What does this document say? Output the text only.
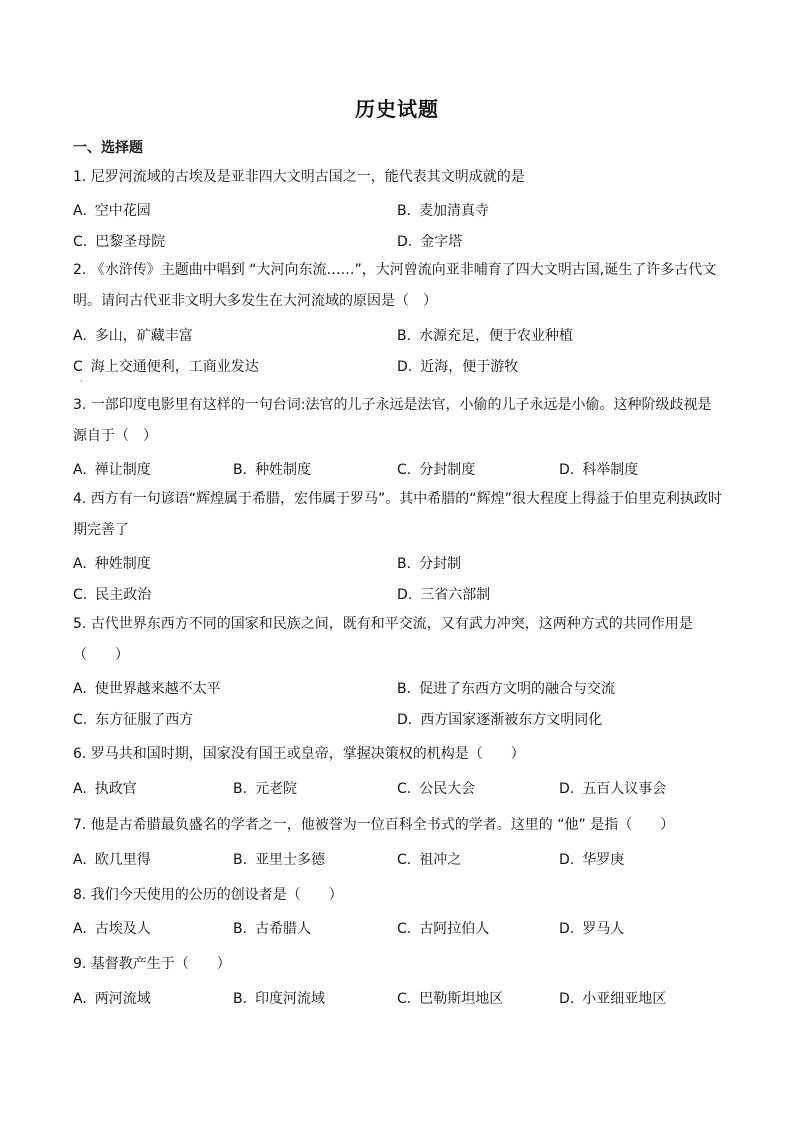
历史试题
一、选择题
1. 尼罗河流域的古埃及是亚非四大文明古国之一，能代表其文明成就的是
A. 空中花园	B. 麦加清真寺
C. 巴黎圣母院	D. 金字塔
2. 《水浒传》主题曲中唱到 “大河向东流……”，大河曾流向亚非哺育了四大文明古国,诞生了许多古代文明。请问古代亚非文明大多发生在大河流域的原因是（　）
A. 多山，矿藏丰富	B. 水源充足，便于农业种植
C 海上交通便利，工商业发达	D. 近海，便于游牧
·
3. 一部印度电影里有这样的一句台词:法官的儿子永远是法官，小偷的儿子永远是小偷。这种阶级歧视是源自于（　）
A. 禅让制度	B. 种姓制度	C. 分封制度	D. 科举制度
4. 西方有一句谚语“辉煌属于希腊，宏伟属于罗马”。其中希腊的“辉煌”很大程度上得益于伯里克利执政时期完善了
A. 种姓制度	B. 分封制
C. 民主政治	D. 三省六部制
5. 古代世界东西方不同的国家和民族之间，既有和平交流，又有武力冲突，这两种方式的共同作用是（　　）
A. 使世界越来越不太平	B. 促进了东西方文明的融合与交流
C. 东方征服了西方	D. 西方国家逐渐被东方文明同化
6. 罗马共和国时期，国家没有国王或皇帝，掌握决策权的机构是（　　）
A. 执政官	B. 元老院	C. 公民大会	D. 五百人议事会
7. 他是古希腊最负盛名的学者之一，他被誉为一位百科全书式的学者。这里的 “他” 是指（　　）
A. 欧几里得	B. 亚里士多德	C. 祖冲之	D. 华罗庚
8. 我们今天使用的公历的创设者是（　　）
A. 古埃及人	B. 古希腊人	C. 古阿拉伯人	D. 罗马人
9. 基督教产生于（　　）
A. 两河流域	B. 印度河流域	C. 巴勒斯坦地区	D. 小亚细亚地区
